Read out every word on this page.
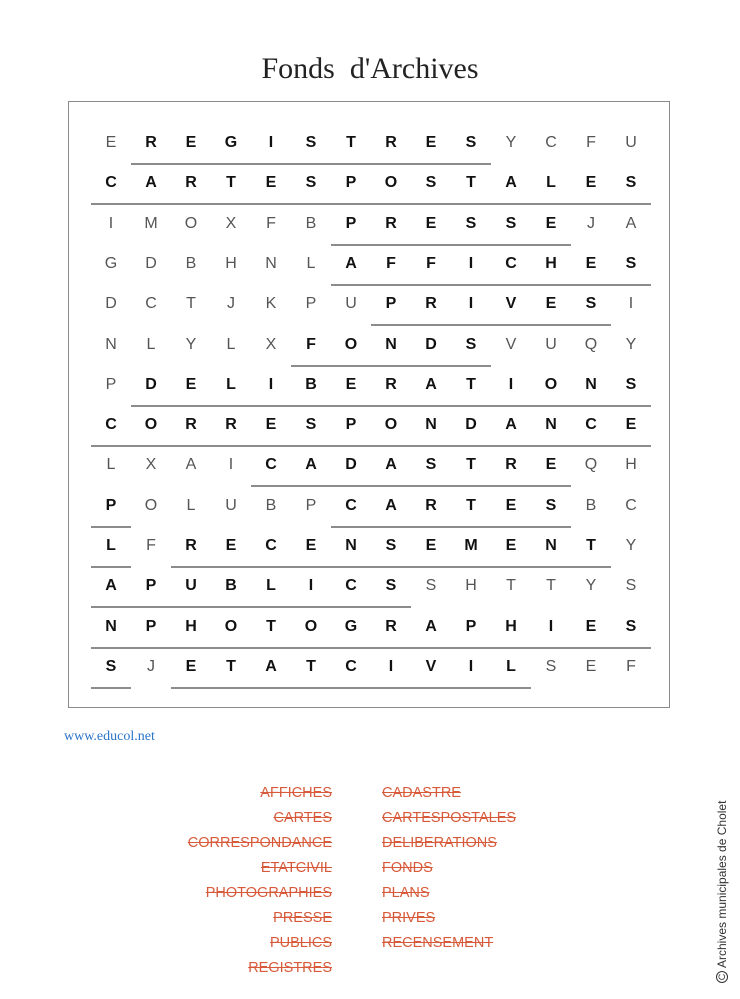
Fonds  d'Archives
E	R	E	G	I	S	T	R	E	S	Y	C	F	U
C	A	R	T	E	S	P	O	S	T	A	L	E	S
I	M	O	X	F	B	P	R	E	S	S	E	J	A
G	D	B	H	N	L	A	F	F	I	C	H	E	S
D	C	T	J	K	P	U	P	R	I	V	E	S	I
N	L	Y	L	X	F	O	N	D	S	V	U	Q	Y
P	D	E	L	I	B	E	R	A	T	I	O	N	S
C	O	R	R	E	S	P	O	N	D	A	N	C	E
L	X	A	I	C	A	D	A	S	T	R	E	Q	H
P	O	L	U	B	P	C	A	R	T	E	S	B	C
L	F	R	E	C	E	N	S	E	M	E	N	T	Y
A	P	U	B	L	I	C	S	S	H	T	T	Y	S
N	P	H	O	T	O	G	R	A	P	H	I	E	S
S	J	E	T	A	T	C	I	V	I	L	S	E	F
www.educol.net
AFFICHES
CARTES
CORRESPONDANCE
ETATCIVIL
PHOTOGRAPHIES
PRESSE
PUBLICS
REGISTRES
CADASTRE
CARTESPOSTALES
DELIBERATIONS
FONDS
PLANS
PRIVES
RECENSEMENT
C
Archives municipales de Cholet
